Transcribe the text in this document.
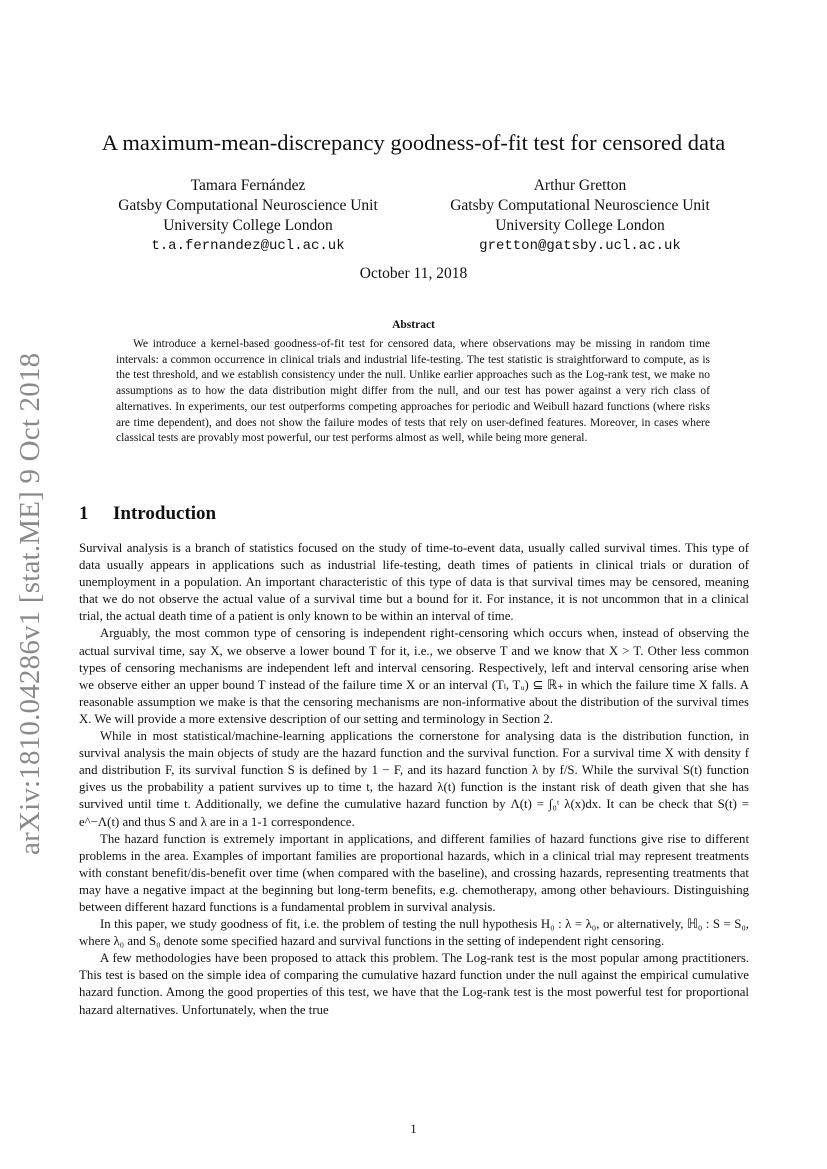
arXiv:1810.04286v1 [stat.ME] 9 Oct 2018
A maximum-mean-discrepancy goodness-of-fit test for censored data
Tamara Fernández
Gatsby Computational Neuroscience Unit
University College London
t.a.fernandez@ucl.ac.uk
Arthur Gretton
Gatsby Computational Neuroscience Unit
University College London
gretton@gatsby.ucl.ac.uk
October 11, 2018
Abstract
We introduce a kernel-based goodness-of-fit test for censored data, where observations may be missing in random time intervals: a common occurrence in clinical trials and industrial life-testing. The test statistic is straightforward to compute, as is the test threshold, and we establish consistency under the null. Unlike earlier approaches such as the Log-rank test, we make no assumptions as to how the data distribution might differ from the null, and our test has power against a very rich class of alternatives. In experiments, our test outperforms competing approaches for periodic and Weibull hazard functions (where risks are time dependent), and does not show the failure modes of tests that rely on user-defined features. Moreover, in cases where classical tests are provably most powerful, our test performs almost as well, while being more general.
1 Introduction

Survival analysis is a branch of statistics focused on the study of time-to-event data, usually called survival times. This type of data usually appears in applications such as industrial life-testing, death times of patients in clinical trials or duration of unemployment in a population. An important characteristic of this type of data is that survival times may be censored, meaning that we do not observe the actual value of a survival time but a bound for it. For instance, it is not uncommon that in a clinical trial, the actual death time of a patient is only known to be within an interval of time.

Arguably, the most common type of censoring is independent right-censoring which occurs when, instead of observing the actual survival time, say X, we observe a lower bound T for it, i.e., we observe T and we know that X > T. Other less common types of censoring mechanisms are independent left and interval censoring. Respectively, left and interval censoring arise when we observe either an upper bound T instead of the failure time X or an interval (Tₗ, Tᵤ) ⊆ ℝ₊ in which the failure time X falls. A reasonable assumption we make is that the censoring mechanisms are non-informative about the distribution of the survival times X. We will provide a more extensive description of our setting and terminology in Section 2.

While in most statistical/machine-learning applications the cornerstone for analysing data is the distribution function, in survival analysis the main objects of study are the hazard function and the survival function. For a survival time X with density f and distribution F, its survival function S is defined by 1 − F, and its hazard function λ by f/S. While the survival S(t) function gives us the probability a patient survives up to time t, the hazard λ(t) function is the instant risk of death given that she has survived until time t. Additionally, we define the cumulative hazard function by Λ(t) = ∫₀ᵗ λ(x)dx. It can be check that S(t) = e^−Λ(t) and thus S and λ are in a 1-1 correspondence.

The hazard function is extremely important in applications, and different families of hazard functions give rise to different problems in the area. Examples of important families are proportional hazards, which in a clinical trial may represent treatments with constant benefit/dis-benefit over time (when compared with the baseline), and crossing hazards, representing treatments that may have a negative impact at the beginning but long-term benefits, e.g. chemotherapy, among other behaviours. Distinguishing between different hazard functions is a fundamental problem in survival analysis.

In this paper, we study goodness of fit, i.e. the problem of testing the null hypothesis H₀ : λ = λ₀, or alternatively, ℍ₀ : S = S₀, where λ₀ and S₀ denote some specified hazard and survival functions in the setting of independent right censoring.

A few methodologies have been proposed to attack this problem. The Log-rank test is the most popular among practitioners. This test is based on the simple idea of comparing the cumulative hazard function under the null against the empirical cumulative hazard function. Among the good properties of this test, we have that the Log-rank test is the most powerful test for proportional hazard alternatives. Unfortunately, when the true

1
